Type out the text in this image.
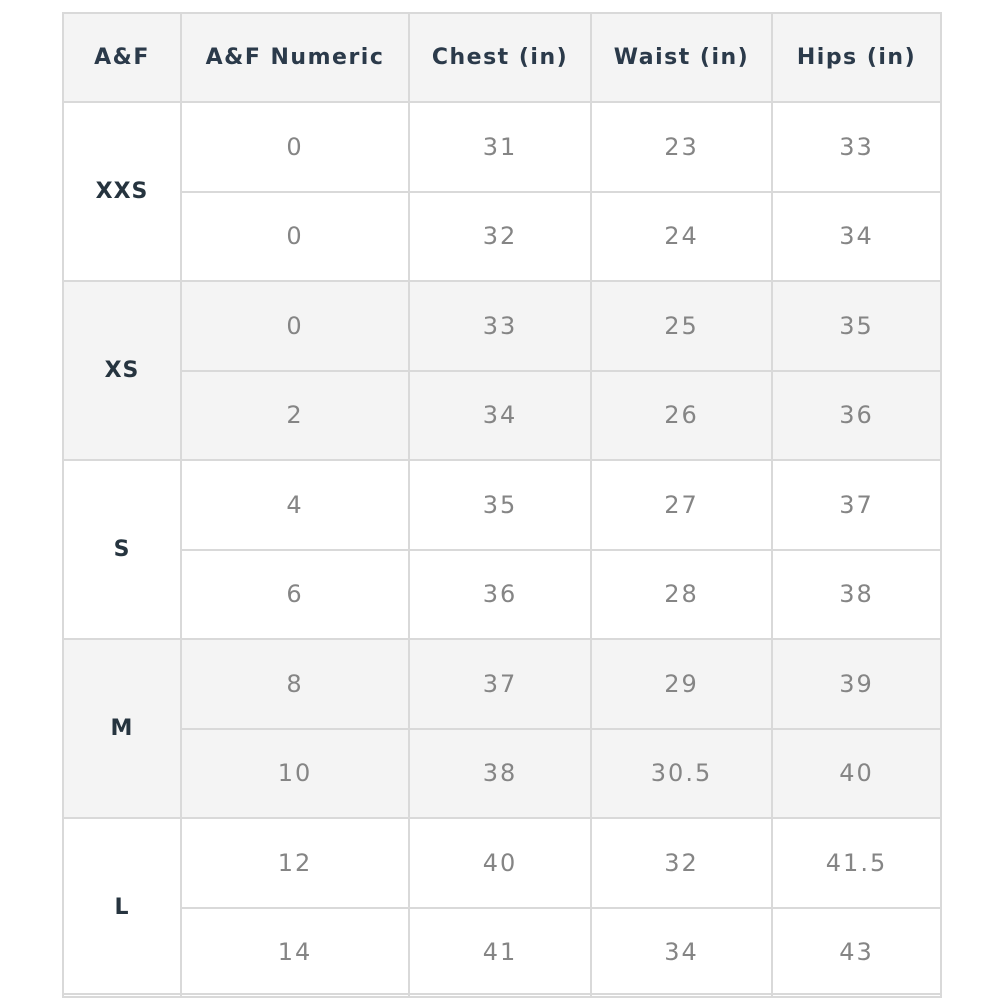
A&F	A&F Numeric	Chest (in)	Waist (in)	Hips (in)
XXS	0	31	23	33
	0	32	24	34
XS	0	33	25	35
	2	34	26	36
S	4	35	27	37
	6	36	28	38
M	8	37	29	39
	10	38	30.5	40
L	12	40	32	41.5
	14	41	34	43
